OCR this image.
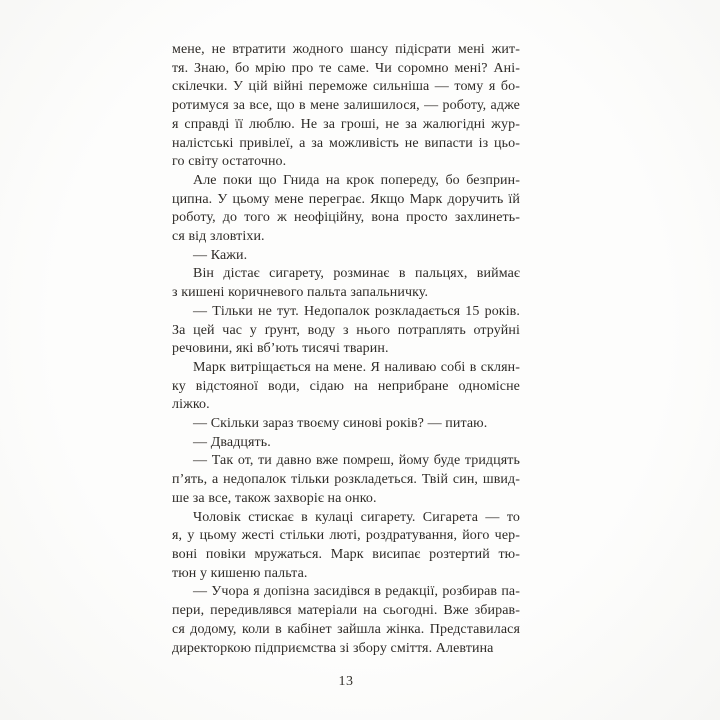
мене, не втратити жодного шансу підісрати мені жит-
тя. Знаю, бо мрію про те саме. Чи соромно мені? Ані-
скілечки. У цій війні переможе сильніша — тому я бо-
ротимуся за все, що в мене залишилося, — роботу, адже
я справді її люблю. Не за гроші, не за жалюгідні жур-
налістські привілеї, а за можливість не випасти із цьо-
го світу остаточно.
Але поки що Гнида на крок попереду, бо безприн-
ципна. У цьому мене переграє. Якщо Марк доручить їй
роботу, до того ж неофіційну, вона просто захлинеть-
ся від зловтіхи.
— Кажи.
Він дістає сигарету, розминає в пальцях, виймає
з кишені коричневого пальта запальничку.
— Тільки не тут. Недопалок розкладається 15 років.
За цей час у ґрунт, воду з нього потраплять отруйні
речовини, які вб’ють тисячі тварин.
Марк витріщається на мене. Я наливаю собі в склян-
ку відстояної води, сідаю на неприбране одномісне
ліжко.
— Скільки зараз твоєму синові років? — питаю.
— Двадцять.
— Так от, ти давно вже помреш, йому буде тридцять
п’ять, а недопалок тільки розкладеться. Твій син, швид-
ше за все, також захворіє на онко.
Чоловік стискає в кулаці сигарету. Сигарета — то
я, у цьому жесті стільки люті, роздратування, його чер-
воні повіки мружаться. Марк висипає розтертий тю-
тюн у кишеню пальта.
— Учора я допізна засидівся в редакції, розбирав па-
пери, передивлявся матеріали на сьогодні. Вже збирав-
ся додому, коли в кабінет зайшла жінка. Представилася
директоркою підприємства зі збору сміття. Алевтина
13
